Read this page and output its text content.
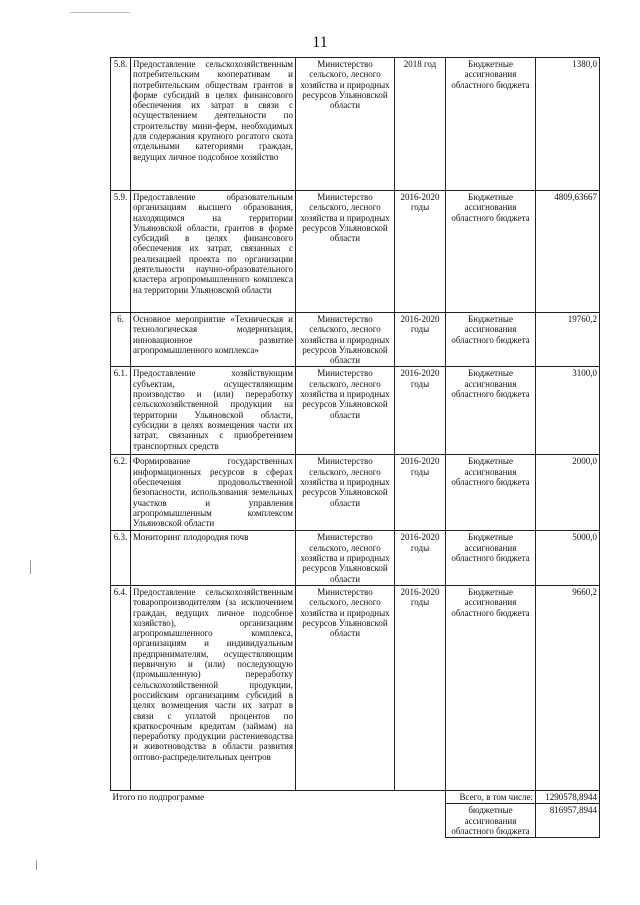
11
5.8.	Предоставление сельскохозяйственным потребительским кооперативам и потребительским обществам грантов в форме субсидий в целях финансового обеспечения их затрат в связи с осуществлением деятельности по строительству мини-ферм, необходимых для содержания крупного рогатого скота отдельными категориями граждан, ведущих личное подсобное хозяйство	Министерство сельского, лесного хозяйства и природных ресурсов Ульяновской области	2018 год	Бюджетные ассигнования областного бюджета	1380,0
5.9.	Предоставление образовательным организациям высшего образования, находящимся на территории Ульяновской области, грантов в форме субсидий в целях финансового обеспечения их затрат, связанных с реализацией проекта по организации деятельности научно-образовательного кластера агропромышленного комплекса на территории Ульяновской области	Министерство сельского, лесного хозяйства и природных ресурсов Ульяновской области	2016-2020 годы	Бюджетные ассигнования областного бюджета	4809,63667
6.	Основное мероприятие «Техническая и технологическая модернизация, инновационное развитие агропромышленного комплекса»	Министерство сельского, лесного хозяйства и природных ресурсов Ульяновской области	2016-2020 годы	Бюджетные ассигнования областного бюджета	19760,2
6.1.	Предоставление хозяйствующим субъектам, осуществляющим производство и (или) переработку сельскохозяйственной продукции на территории Ульяновской области, субсидии в целях возмещения части их затрат, связанных с приобретением транспортных средств	Министерство сельского, лесного хозяйства и природных ресурсов Ульяновской области	2016-2020 годы	Бюджетные ассигнования областного бюджета	3100,0
6.2.	Формирование государственных информационных ресурсов в сферах обеспечения продовольственной безопасности, использования земельных участков и управления агропромышленным комплексом Ульяновской области	Министерство сельского, лесного хозяйства и природных ресурсов Ульяновской области	2016-2020 годы	Бюджетные ассигнования областного бюджета	2000,0
6.3.	Мониторинг плодородия почв	Министерство сельского, лесного хозяйства и природных ресурсов Ульяновской области	2016-2020 годы	Бюджетные ассигнования областного бюджета	5000,0
6.4.	Предоставление сельскохозяйственным товаропроизводителям (за исключением граждан, ведущих личное подсобное хозяйство), организациям агропромышленного комплекса, организациям и индивидуальным предпринимателям, осуществляющим первичную и (или) последующую (промышленную) переработку сельскохозяйственной продукции, российским организациям субсидий в целях возмещения части их затрат в связи с уплатой процентов по краткосрочным кредитам (займам) на переработку продукции растениеводства и животноводства в области развития оптово-распределительных центров	Министерство сельского, лесного хозяйства и природных ресурсов Ульяновской области	2016-2020 годы	Бюджетные ассигнования областного бюджета	9660,2
Итого по подпрограмме				Всего, в том числе:	1290578,8944
				бюджетные ассигнования областного бюджета	816957,8944
